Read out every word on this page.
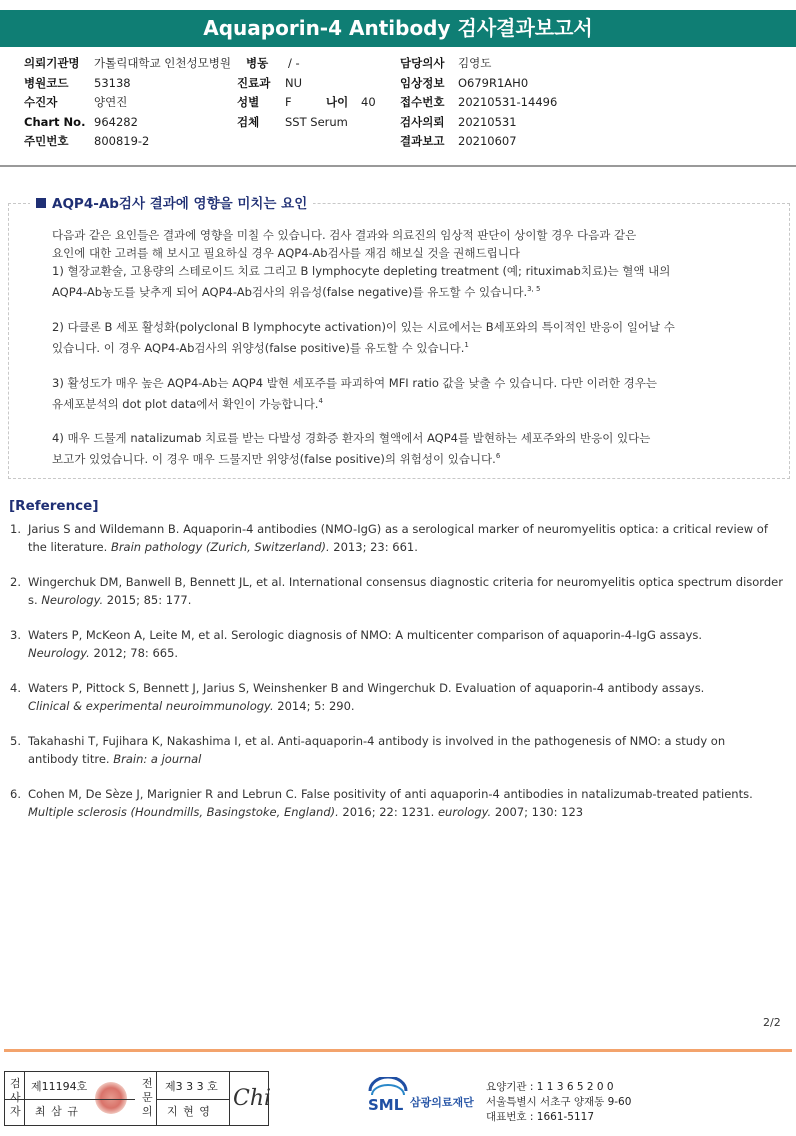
Aquaporin-4 Antibody 검사결과보고서
의뢰기관명 가톨릭대학교 인천성모병원 병동 / -	담당의사 김영도
병원코드 53138	진료과 NU	임상정보 O679R1AH0
수진자	양연진	성별 F	나이 40 접수번호 20210531-14496
Chart No. 964282	검체 SST Serum	검사의뢰 20210531
주민번호 800819-2	결과보고 20210607
AQP4-Ab검사 결과에 영향을 미치는 요인

다음과 같은 요인들은 결과에 영향을 미칠 수 있습니다. 검사 결과와 의료진의 임상적 판단이 상이할 경우 다음과 같은
요인에 대한 고려를 해 보시고 필요하실 경우 AQP4-Ab검사를 재검 해보실 것을 권해드립니다
1) 혈장교환술, 고용량의 스테로이드 치료 그리고 B lymphocyte depleting treatment (예; rituximab치료)는 혈액 내의
AQP4-Ab농도를 낮추게 되어 AQP4-Ab검사의 위음성(false negative)를 유도할 수 있습니다.$^{3, 5}$

2) 다클론 B 세포 활성화(polyclonal B lymphocyte activation)이 있는 시료에서는 B세포와의 특이적인 반응이 일어날 수
있습니다. 이 경우 AQP4-Ab검사의 위양성(false positive)를 유도할 수 있습니다.$^1$

3) 활성도가 매우 높은 AQP4-Ab는 AQP4 발현 세포주를 파괴하여 MFI ratio 값을 낮출 수 있습니다. 다만 이러한 경우는
유세포분석의 dot plot data에서 확인이 가능합니다.$^4$

4) 매우 드물게 natalizumab 치료를 받는 다발성 경화증 환자의 혈액에서 AQP4를 발현하는 세포주와의 반응이 있다는
보고가 있었습니다. 이 경우 매우 드물지만 위양성(false positive)의 위험성이 있습니다.$^6$

[Reference]
1. Jarius S and Wildemann B. Aquaporin-4 antibodies (NMO-IgG) as a serological marker of neuromyelitis optica: a critical review of
the literature. Brain pathology (Zurich, Switzerland). 2013; 23: 661.
2. Wingerchuk DM, Banwell B, Bennett JL, et al. International consensus diagnostic criteria for neuromyelitis optica spectrum disorder
s. Neurology. 2015; 85: 177.
3. Waters P, McKeon A, Leite M, et al. Serologic diagnosis of NMO: A multicenter comparison of aquaporin-4-IgG assays.
Neurology. 2012; 78: 665.
4. Waters P, Pittock S, Bennett J, Jarius S, Weinshenker B and Wingerchuk D. Evaluation of aquaporin-4 antibody assays.
Clinical & experimental neuroimmunology. 2014; 5: 290.
5. Takahashi T, Fujihara K, Nakashima I, et al. Anti-aquaporin-4 antibody is involved in the pathogenesis of NMO: a study on
antibody titre. Brain: a journal
6. Cohen M, De Sèze J, Marignier R and Lebrun C. False positivity of anti aquaporin-4 antibodies in natalizumab-treated patients.
Multiple sclerosis (Houndmills, Basingstoke, England). 2016; 22: 1231. eurology. 2007; 130: 123
2/2
검사자
제11194호
최 삼 규
전문의
제3 3 3 호
지 현 영
Chi	SML 삼광의료재단
요양기관 : 1 1 3 6 5 2 0 0
서울특별시 서초구 양재동 9-60
대표번호 : 1661-5117
